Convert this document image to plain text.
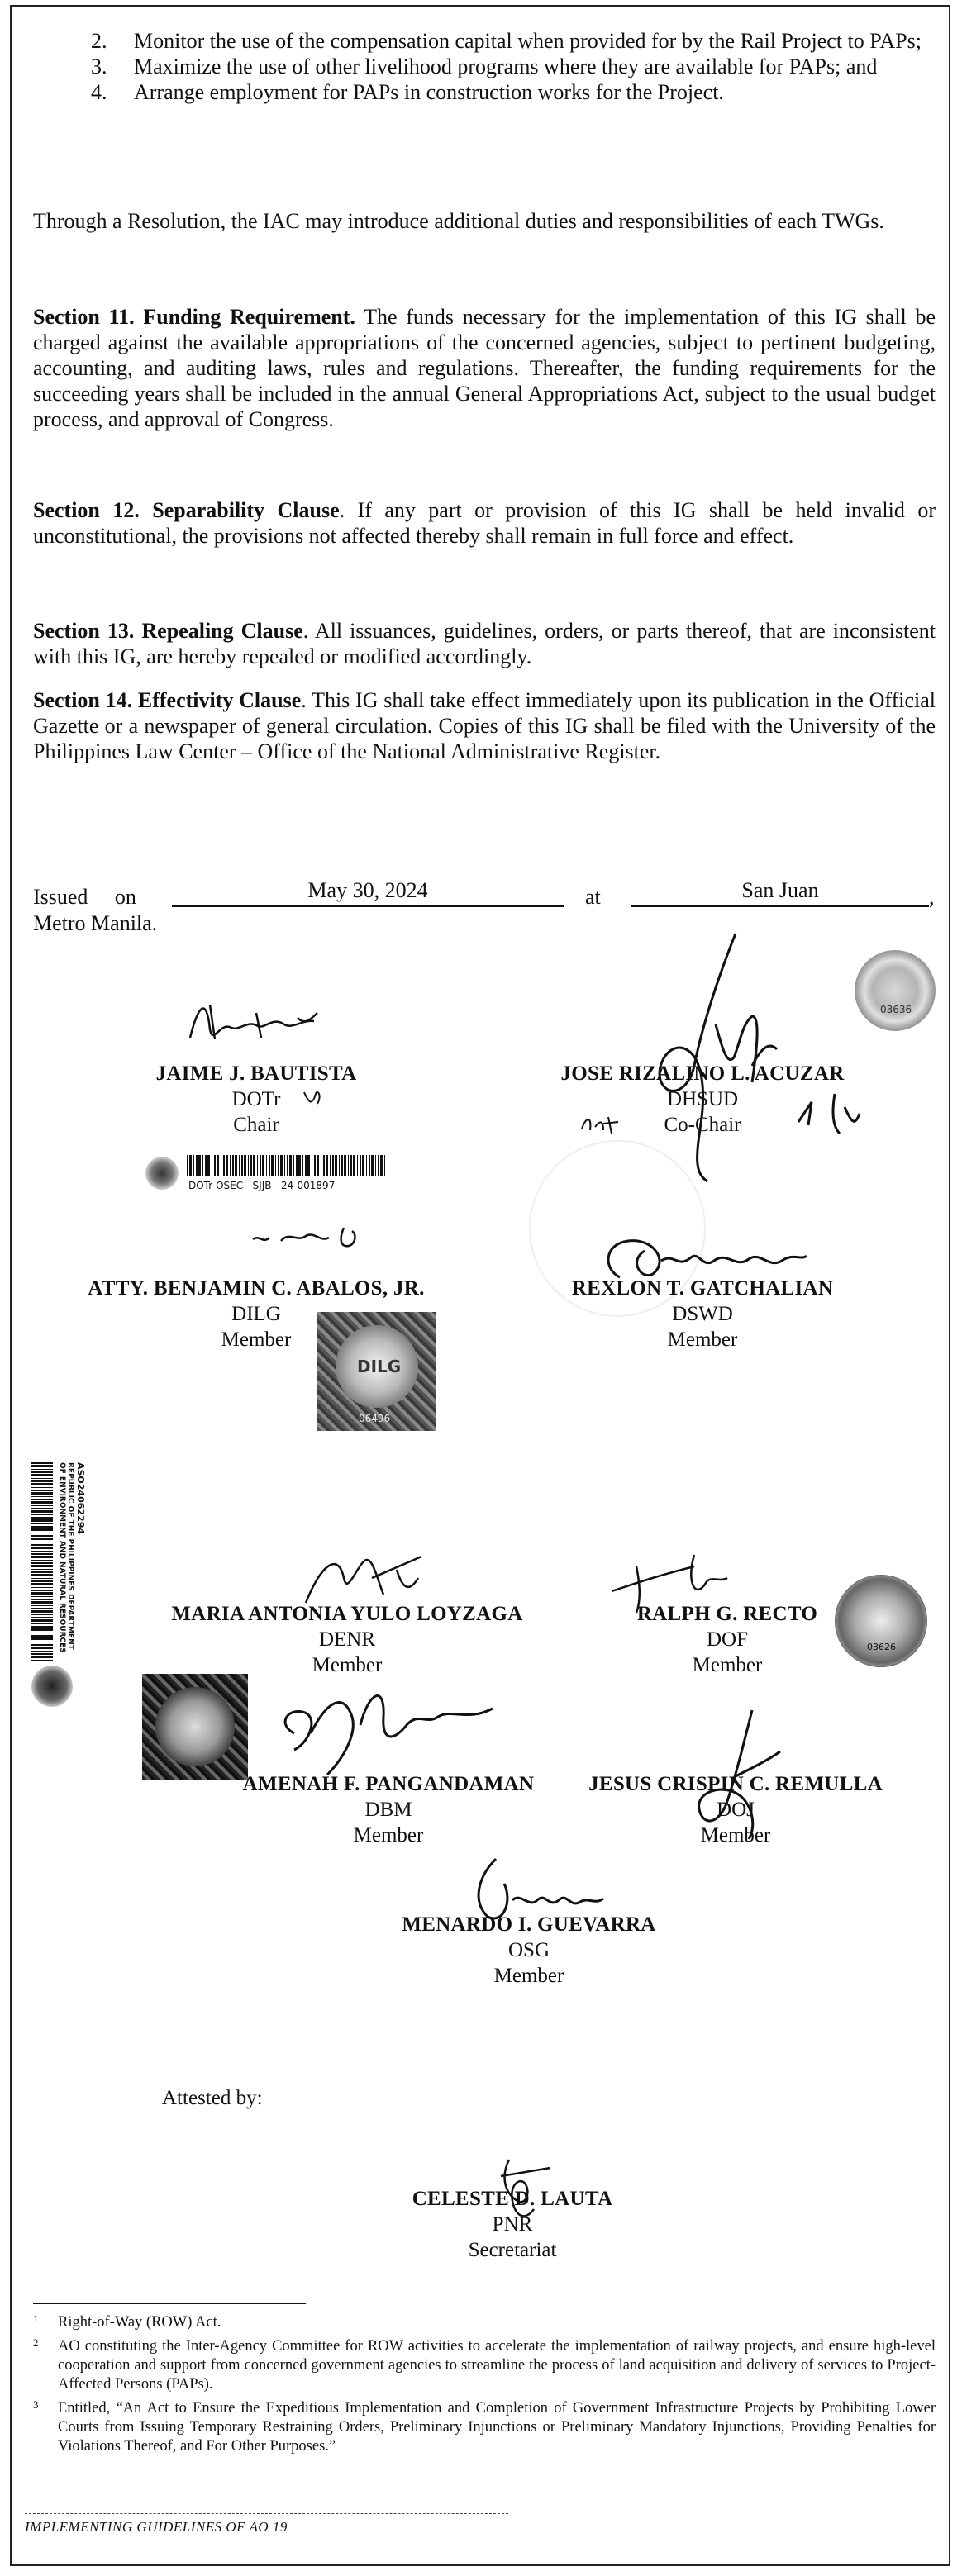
2. Monitor the use of the compensation capital when provided for by the Rail Project to PAPs;
3. Maximize the use of other livelihood programs where they are available for PAPs; and
4. Arrange employment for PAPs in construction works for the Project.

Through a Resolution, the IAC may introduce additional duties and responsibilities of each TWGs.

Section 11. Funding Requirement. The funds necessary for the implementation of this IG shall be charged against the available appropriations of the concerned agencies, subject to pertinent budgeting, accounting, and auditing laws, rules and regulations. Thereafter, the funding requirements for the succeeding years shall be included in the annual General Appropriations Act, subject to the usual budget process, and approval of Congress.

Section 12. Separability Clause. If any part or provision of this IG shall be held invalid or unconstitutional, the provisions not affected thereby shall remain in full force and effect.

Section 13. Repealing Clause. All issuances, guidelines, orders, or parts thereof, that are inconsistent with this IG, are hereby repealed or modified accordingly.

Section 14. Effectivity Clause. This IG shall take effect immediately upon its publication in the Official Gazette or a newspaper of general circulation. Copies of this IG shall be filed with the University of the Philippines Law Center – Office of the National Administrative Register.

Issued on	May 30, 2024	at	San Juan	,
Metro Manila.
03636
JAIME J. BAUTISTA
DOTr
Chair
DOTr-OSEC   SJJB   24-001897
JOSE RIZALINO L. ACUZAR
DHSUD
Co-Chair
ATTY. BENJAMIN C. ABALOS, JR.
DILG
Member
DILG
06496
REXLON T. GATCHALIAN
DSWD
Member
REPUBLIC OF THE PHILIPPINES DEPARTMENT OF ENVIRONMENT AND NATURAL RESOURCES	ASO24062294
MARIA ANTONIA YULO LOYZAGA
DENR
Member
RALPH G. RECTO
DOF
Member
03626
AMENAH F. PANGANDAMAN
DBM
Member
JESUS CRISPIN C. REMULLA
DOJ
Member
MENARDO I. GUEVARRA
OSG
Member
Attested by:
CELESTE D. LAUTA
PNR
Secretariat
1 Right-of-Way (ROW) Act.
2 AO constituting the Inter-Agency Committee for ROW activities to accelerate the implementation of railway projects, and ensure high-level cooperation and support from concerned government agencies to streamline the process of land acquisition and delivery of services to Project-Affected Persons (PAPs).
3 Entitled, “An Act to Ensure the Expeditious Implementation and Completion of Government Infrastructure Projects by Prohibiting Lower Courts from Issuing Temporary Restraining Orders, Preliminary Injunctions or Preliminary Mandatory Injunctions, Providing Penalties for Violations Thereof, and For Other Purposes.”
IMPLEMENTING GUIDELINES OF AO 19
